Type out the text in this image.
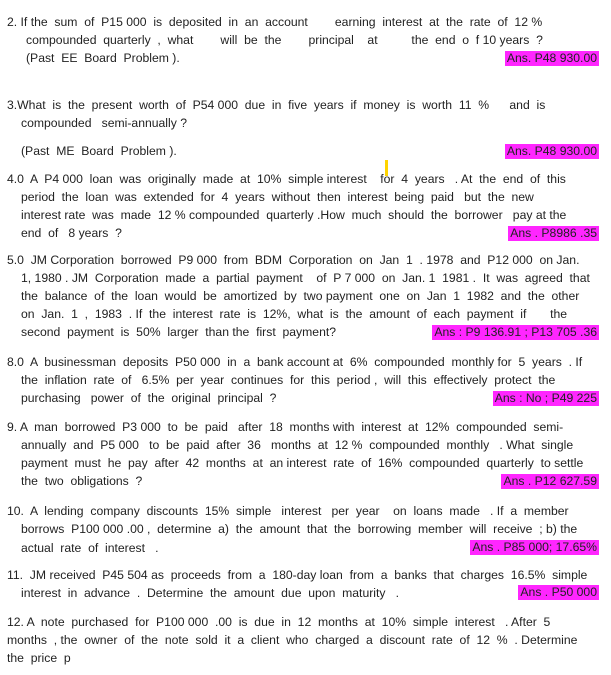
2. If the  sum  of  P15 000  is  deposited  in  an  account        earning  interest  at  the  rate  of  12 %
compounded  quarterly  ,  what        will  be  the        principal    at          the  end  o  f 10 years  ?
(Past  EE  Board  Problem ).	Ans. P48 930.00
3.What  is  the  present  worth  of  P54 000  due  in  five  years  if  money  is  worth  11  %      and  is
compounded   semi-annually ?
(Past  ME  Board  Problem ).	Ans. P48 930.00
4.0  A  P4 000  loan  was  originally  made  at  10%  simple interest    for  4  years   . At  the  end  of  this
period  the  loan  was  extended  for  4  years  without  then  interest  being  paid   but  the  new
interest rate  was  made  12 % compounded  quarterly .How  much  should  the  borrower   pay at the
end  of   8 years  ?	Ans . P8986 .35
5.0  JM Corporation  borrowed  P9 000  from  BDM  Corporation  on  Jan  1  . 1978  and  P12 000  on Jan.
1, 1980 . JM  Corporation  made  a  partial  payment    of  P 7 000  on  Jan. 1  1981 .  It  was  agreed  that
the  balance  of  the  loan  would  be  amortized  by  two payment  one  on  Jan  1  1982  and  the  other
on  Jan.  1  ,  1983  . If  the  interest  rate  is  12%,  what  is  the  amount  of  each  payment  if       the
second  payment  is  50%  larger  than the  first  payment?	Ans : P9 136.91 ; P13 705 .36
8.0  A  businessman  deposits  P50 000  in  a  bank account at  6%  compounded  monthly for  5  years  . If
the  inflation  rate  of   6.5%  per  year  continues  for  this  period ,  will  this  effectively  protect  the
purchasing   power  of  the  original  principal  ?	Ans : No ; P49 225
9. A  man  borrowed  P3 000  to  be  paid   after  18  months with  interest  at  12%  compounded  semi-
annually  and  P5 000   to  be  paid  after  36   months  at  12 %  compounded  monthly   . What  single
payment  must  he  pay  after  42  months  at  an interest  rate  of  16%  compounded  quarterly  to settle
the  two  obligations  ?	Ans . P12 627.59
10.  A  lending  company  discounts  15%  simple   interest   per  year    on  loans  made   . If  a  member
borrows  P100 000 .00 ,  determine  a)  the  amount  that  the  borrowing  member  will  receive  ; b) the
actual  rate  of  interest   .	Ans . P85 000; 17.65%
11.  JM received  P45 504 as  proceeds  from  a  180-day loan  from  a  banks  that  charges  16.5%  simple
interest  in  advance  .  Determine  the  amount  due  upon  maturity   .	Ans . P50 000
12. A  note  purchased  for  P100 000  .00  is  due  in  12  months  at  10%  simple  interest   . After  5
months  , the  owner  of  the  note  sold  it  a  client  who  charged  a  discount  rate  of  12  %  . Determine
the  price  p
